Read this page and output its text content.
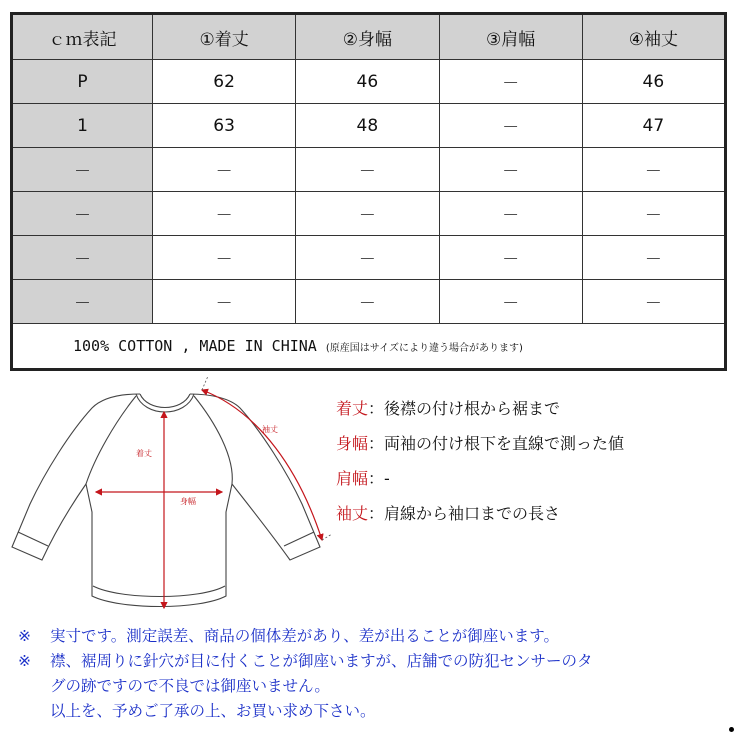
ｃｍ表記	①着丈	②身幅	③肩幅	④袖丈
P	62	46	－	46
1	63	48	－	47
－	－	－	－	－
－	－	－	－	－
－	－	－	－	－
－	－	－	－	－
100% COTTON , MADE IN CHINA (原産国はサイズにより違う場合があります)				
着丈
身幅
袖丈
着丈：後襟の付け根から裾まで
身幅：両袖の付け根下を直線で測った値
肩幅：-
袖丈：肩線から袖口までの長さ
※ 実寸です。測定誤差、商品の個体差があり、差が出ることが御座います。
※ 襟、裾周りに針穴が目に付くことが御座いますが、店舗での防犯センサーのタ
グの跡ですので不良では御座いません。
以上を、予めご了承の上、お買い求め下さい。
